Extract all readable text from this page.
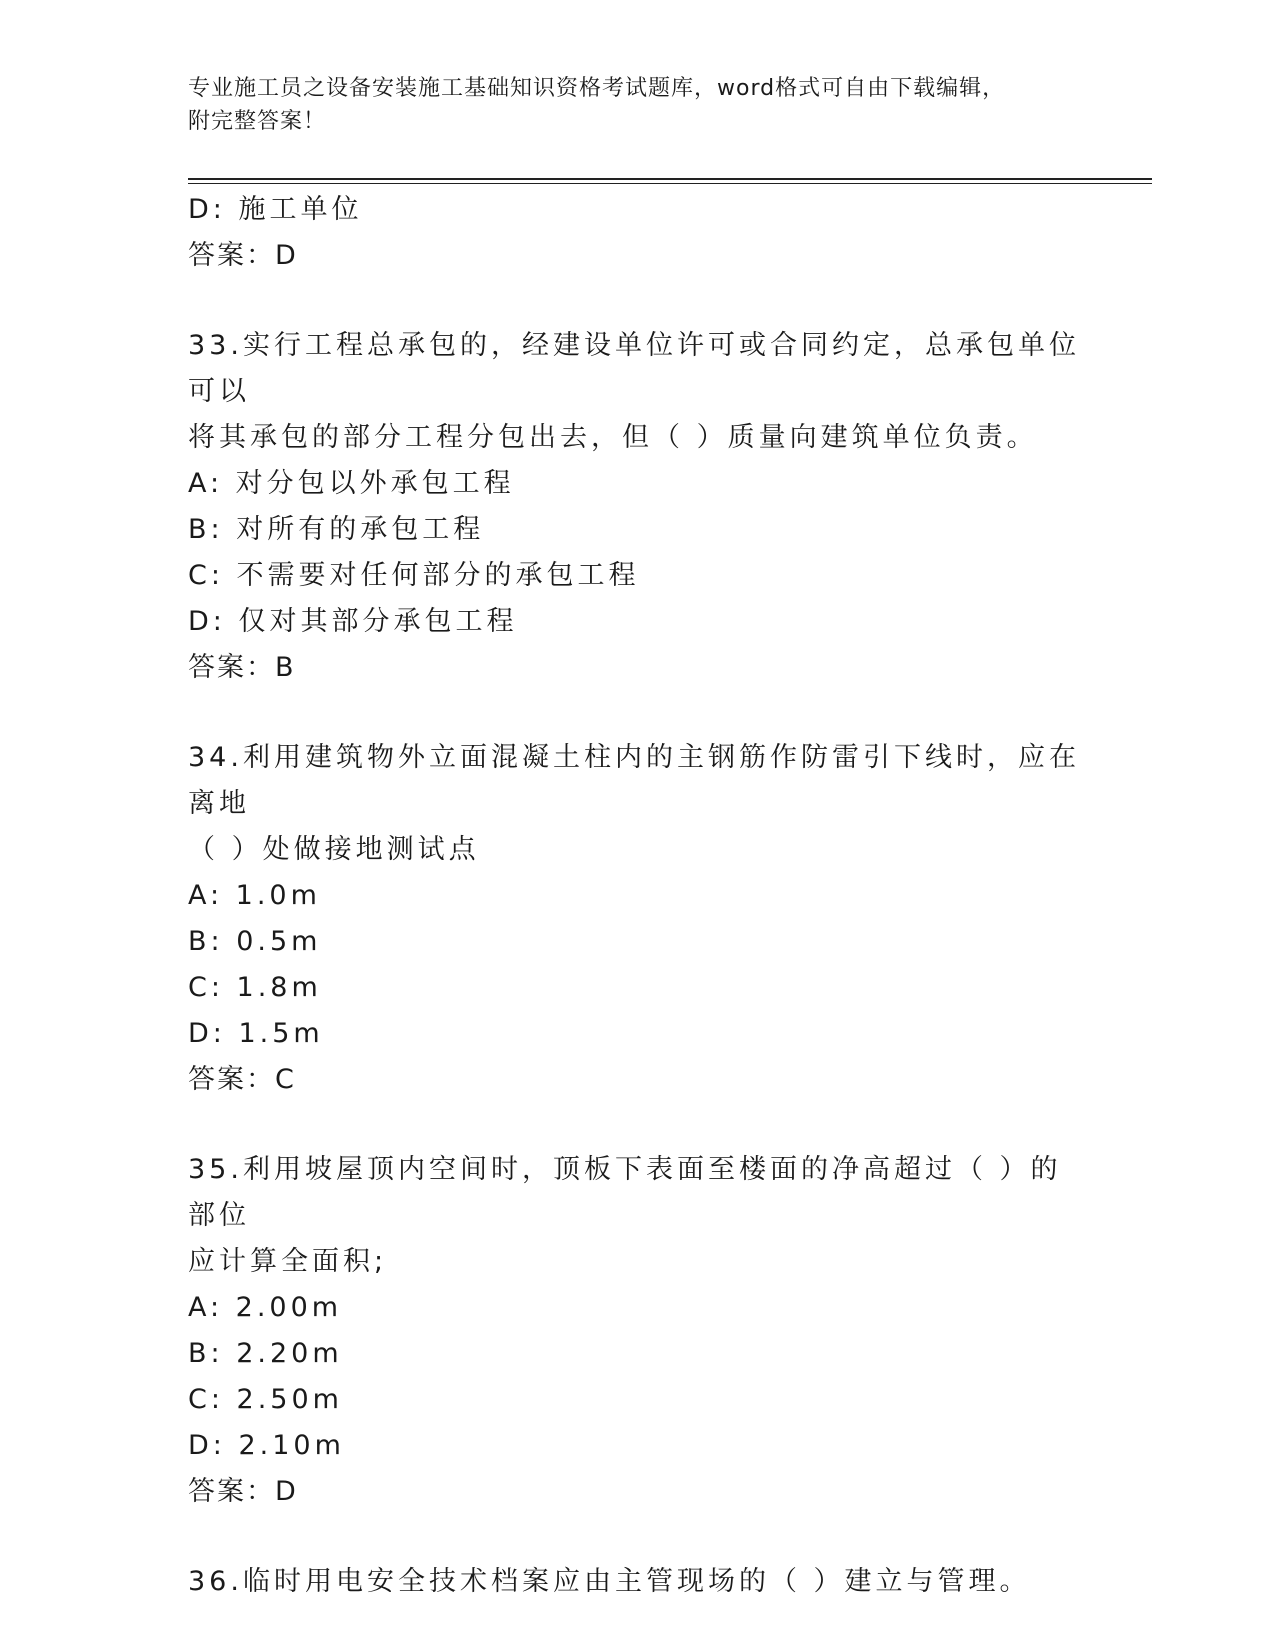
专业施工员之设备安装施工基础知识资格考试题库，word格式可自由下载编辑，
附完整答案！
D: 施工单位
答案：D
33.实行工程总承包的，经建设单位许可或合同约定，总承包单位可以
将其承包的部分工程分包出去，但（ ）质量向建筑单位负责。
A: 对分包以外承包工程
B: 对所有的承包工程
C: 不需要对任何部分的承包工程
D: 仅对其部分承包工程
答案：B
34.利用建筑物外立面混凝土柱内的主钢筋作防雷引下线时，应在离地
（ ）处做接地测试点
A: 1.0m
B: 0.5m
C: 1.8m
D: 1.5m
答案：C
35.利用坡屋顶内空间时，顶板下表面至楼面的净高超过（ ）的部位
应计算全面积;
A: 2.00m
B: 2.20m
C: 2.50m
D: 2.10m
答案：D
36.临时用电安全技术档案应由主管现场的（ ）建立与管理。
